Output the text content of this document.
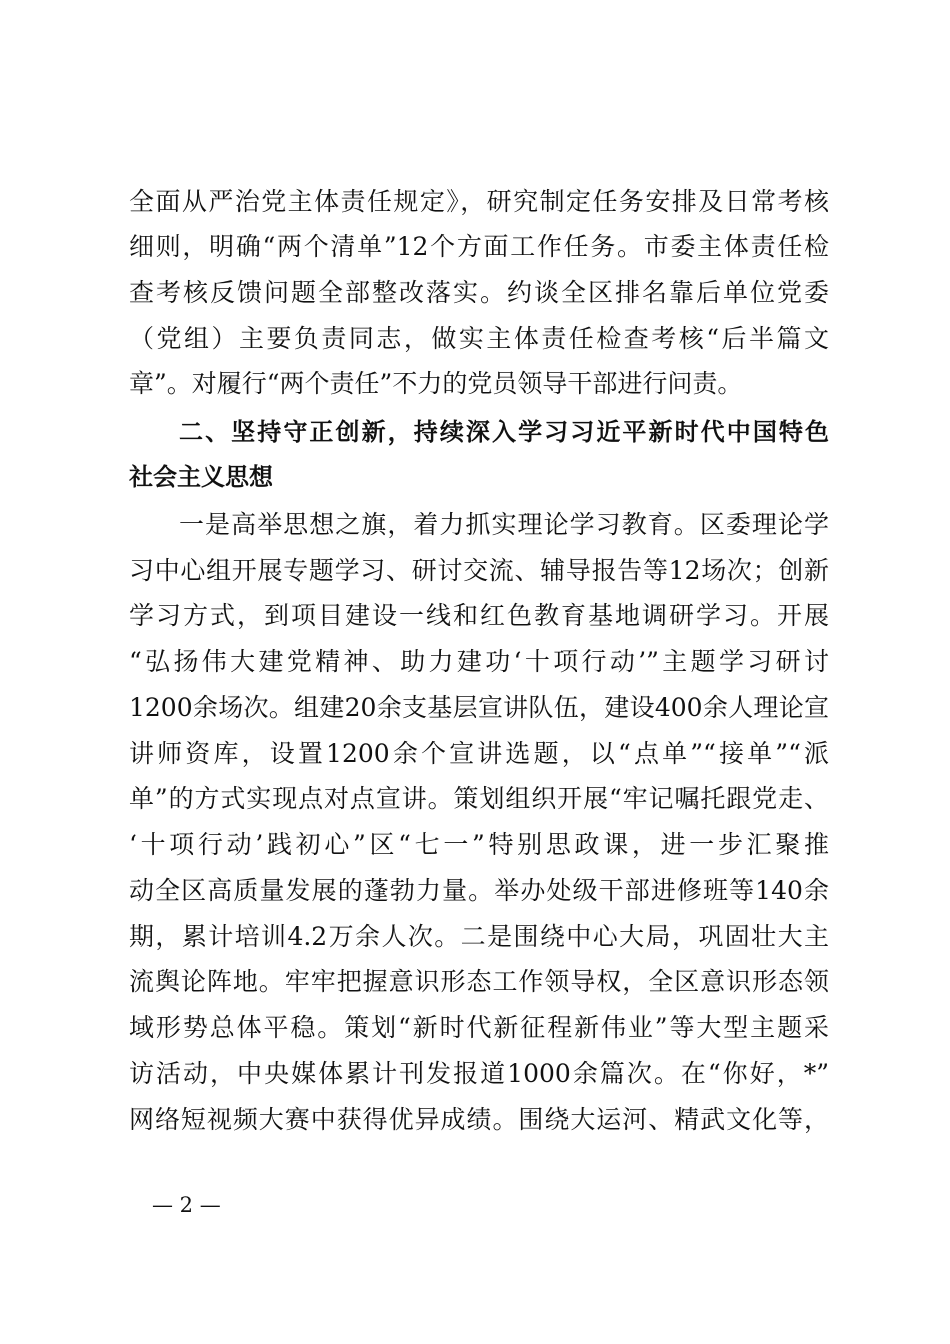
全面从严治党主体责任规定》，研究制定任务安排及日常考核
细则，明确“两个清单”12个方面工作任务。市委主体责任检
查考核反馈问题全部整改落实。约谈全区排名靠后单位党委
（党组）主要负责同志，做实主体责任检查考核“后半篇文
章”。对履行“两个责任”不力的党员领导干部进行问责。
二、坚持守正创新，持续深入学习习近平新时代中国特色
社会主义思想
一是高举思想之旗，着力抓实理论学习教育。区委理论学
习中心组开展专题学习、研讨交流、辅导报告等12场次；创新
学习方式，到项目建设一线和红色教育基地调研学习。开展
“弘扬伟大建党精神、助力建功‘十项行动’”主题学习研讨
1200余场次。组建20余支基层宣讲队伍，建设400余人理论宣
讲师资库，设置1200余个宣讲选题，以“点单”“接单”“派
单”的方式实现点对点宣讲。策划组织开展“牢记嘱托跟党走、
‘十项行动’践初心”区“七一”特别思政课，进一步汇聚推
动全区高质量发展的蓬勃力量。举办处级干部进修班等140余
期，累计培训4.2万余人次。二是围绕中心大局，巩固壮大主
流舆论阵地。牢牢把握意识形态工作领导权，全区意识形态领
域形势总体平稳。策划“新时代新征程新伟业”等大型主题采
访活动，中央媒体累计刊发报道1000余篇次。在“你好，*”
网络短视频大赛中获得优异成绩。围绕大运河、精武文化等，
— 2 —
